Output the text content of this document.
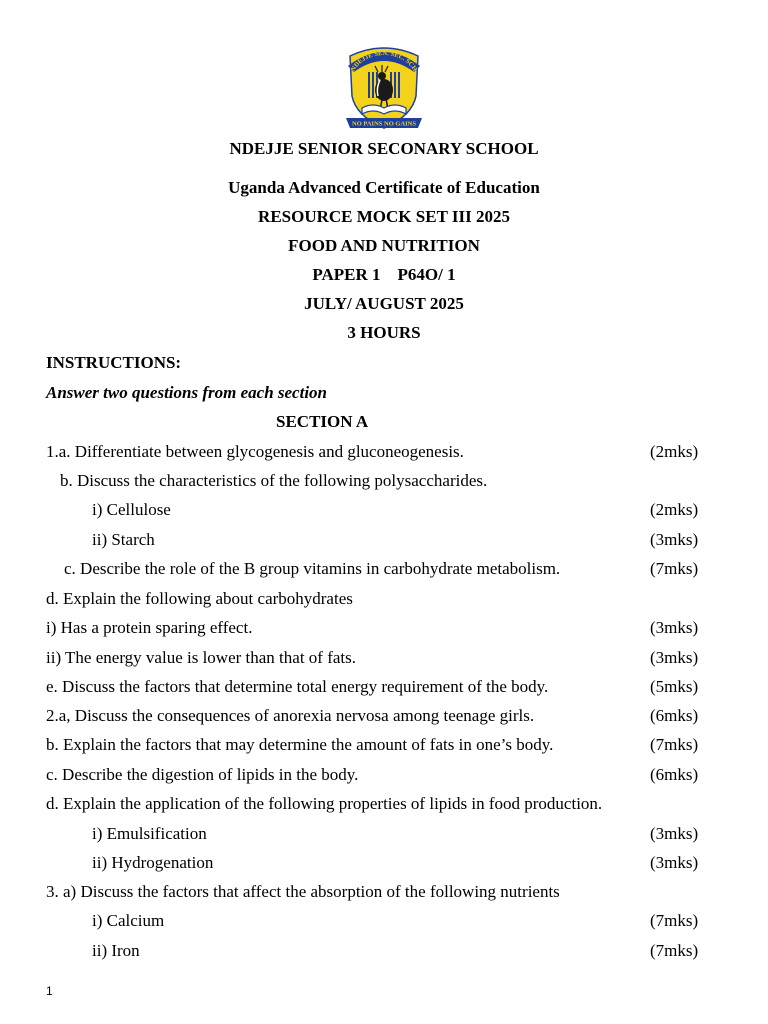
NDEJJE SEN. SEC. SCH
NO PAINS NO GAINS
NDEJJE SENIOR SECONARY SCHOOL
Uganda Advanced Certificate of Education
RESOURCE MOCK SET III 2025
FOOD AND NUTRITION
PAPER 1    P64O/ 1
JULY/ AUGUST 2025
3 HOURS
INSTRUCTIONS:
Answer two questions from each section
SECTION A
1.a. Differentiate between glycogenesis and gluconeogenesis.	(2mks)
b. Discuss the characteristics of the following polysaccharides.
i) Cellulose	(2mks)
ii) Starch	(3mks)
c. Describe the role of the B group vitamins in carbohydrate metabolism.	(7mks)
d. Explain the following about carbohydrates
i) Has a protein sparing effect.	(3mks)
ii) The energy value is lower than that of fats.	(3mks)
e. Discuss the factors that determine total energy requirement of the body.	(5mks)
2.a, Discuss the consequences of anorexia nervosa among teenage girls.	(6mks)
b. Explain the factors that may determine the amount of fats in one’s body.	(7mks)
c. Describe the digestion of lipids in the body.	(6mks)
d. Explain the application of the following properties of lipids in food production.
i) Emulsification	(3mks)
ii) Hydrogenation	(3mks)
3. a) Discuss the factors that affect the absorption of the following nutrients
i) Calcium	(7mks)
ii) Iron	(7mks)
1
